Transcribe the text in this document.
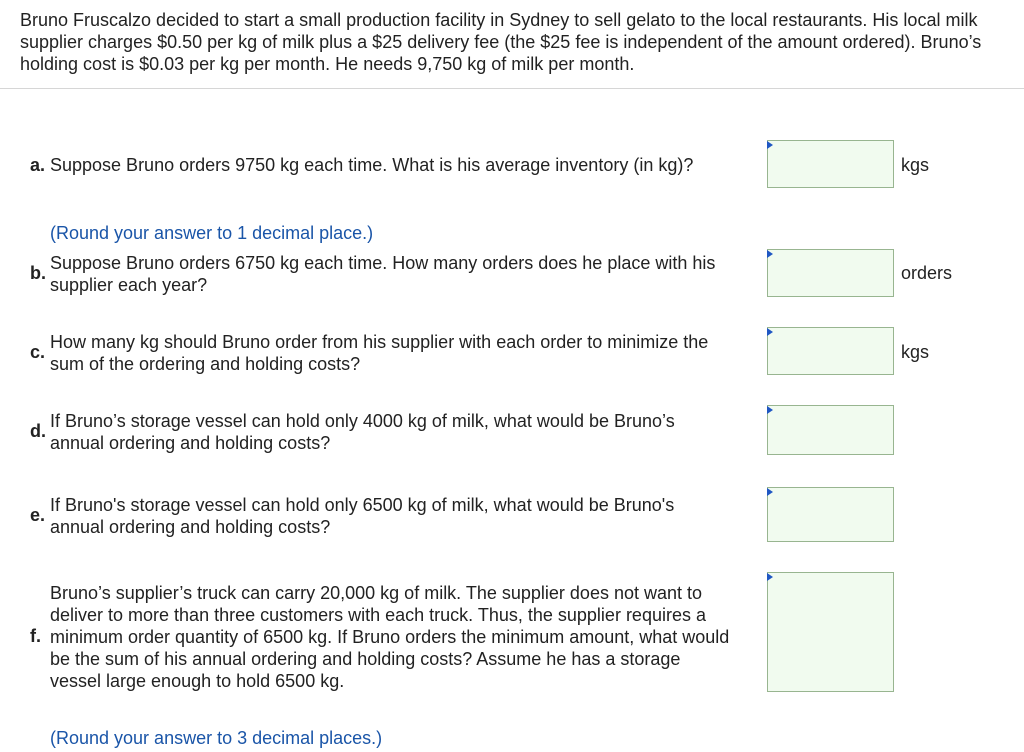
Bruno Fruscalzo decided to start a small production facility in Sydney to sell gelato to the local restaurants. His local milk supplier charges $0.50 per kg of milk plus a $25 delivery fee (the $25 fee is independent of the amount ordered). Bruno’s holding cost is $0.03 per kg per month. He needs 9,750 kg of milk per month.
a. Suppose Bruno orders 9750 kg each time. What is his average inventory (in kg)?	kgs
(Round your answer to 1 decimal place.)
b. Suppose Bruno orders 6750 kg each time. How many orders does he place with his supplier each year?
orders
c. How many kg should Bruno order from his supplier with each order to minimize the sum of the ordering and holding costs?
kgs
d. If Bruno’s storage vessel can hold only 4000 kg of milk, what would be Bruno’s annual ordering and holding costs?
e. If Bruno's storage vessel can hold only 6500 kg of milk, what would be Bruno's annual ordering and holding costs?
f.
Bruno’s supplier’s truck can carry 20,000 kg of milk. The supplier does not want to deliver to more than three customers with each truck. Thus, the supplier requires a minimum order quantity of 6500 kg. If Bruno orders the minimum amount, what would be the sum of his annual ordering and holding costs? Assume he has a storage vessel large enough to hold 6500 kg.
(Round your answer to 3 decimal places.)
